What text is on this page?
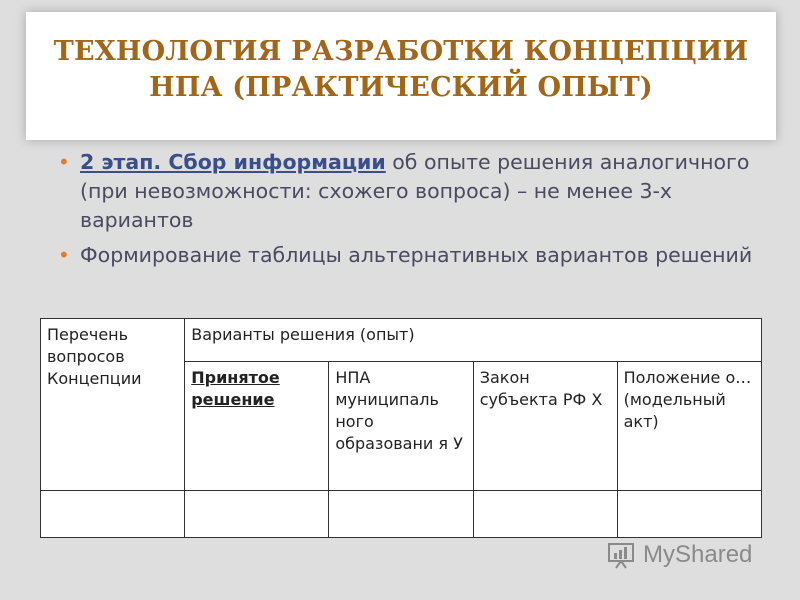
ТЕХНОЛОГИЯ РАЗРАБОТКИ КОНЦЕПЦИИ
НПА (ПРАКТИЧЕСКИЙ ОПЫТ)
• 2 этап. Сбор информации об опыте решения аналогичного (при невозможности: схожего вопроса) – не менее 3-х вариантов
• Формирование таблицы альтернативных вариантов решений
Перечень вопросов Концепции	Варианты решения (опыт)			
	Принятое решение	НПА муниципаль ного образовани я У	Закон субъекта РФ Х	Положение о… (модельный акт)

MyShared
